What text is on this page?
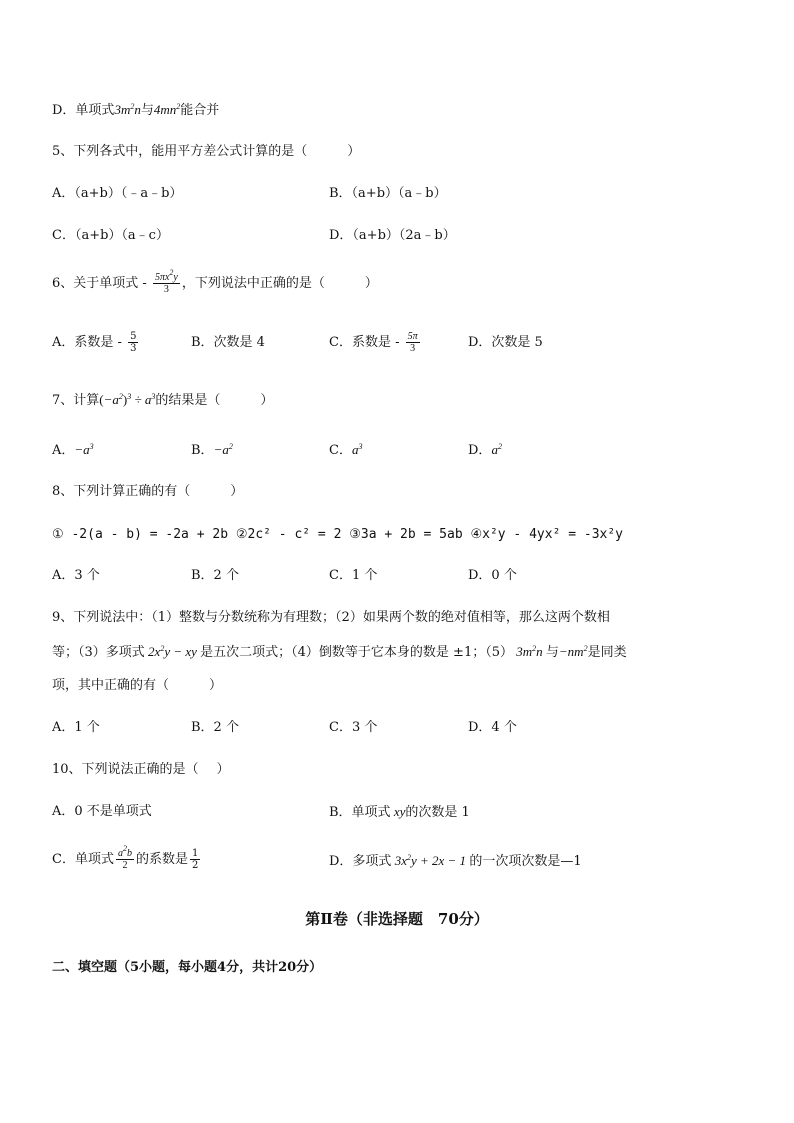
D．单项式$3m^2n$与$4mn^2$能合并
5、下列各式中，能用平方差公式计算的是（	）
A．（a+b）（﹣a﹣b）	B．（a+b）（a﹣b）
C．（a+b）（a﹣c）	D．（a+b）（2a﹣b）
6、关于单项式 - $\frac{5\pi x^2y}{3}$ ，下列说法中正确的是（	）
A．系数是 - $\frac{5}{3}$	B．次数是 4	C．系数是 - $\frac{5\pi}{3}$	D．次数是 5
7、计算$(-a^2)^3 \div a^3$的结果是（	）
A．$-a^3$	B．$-a^2$	C．$a^3$	D．$a^2$
8、下列计算正确的有（	）
① -2(a - b) = -2a + 2b ②2c² - c² = 2 ③3a + 2b = 5ab ④x²y - 4yx² = -3x²y
A．3 个	B．2 个	C．1 个	D．0 个
9、下列说法中：（1）整数与分数统称为有理数；（2）如果两个数的绝对值相等，那么这两个数相
等；（3）多项式 $2x^2y$ − xy 是五次二项式；（4）倒数等于它本身的数是 ±1；（5） $3m^2n$ 与$-nm^2$是同类
项，其中正确的有（	）
A．1 个	B．2 个	C．3 个	D．4 个
10、下列说法正确的是（ ）
A．0 不是单项式	B．单项式 xy的次数是 1
C．单项式 $\frac{a^2b}{2}$ 的系数是 $\frac{1}{2}$	D．多项式 $3x^2y + 2x - 1$ 的一次项次数是—1
第Ⅱ卷（非选择题　70分）
二、填空题（5小题，每小题4分，共计20分）
